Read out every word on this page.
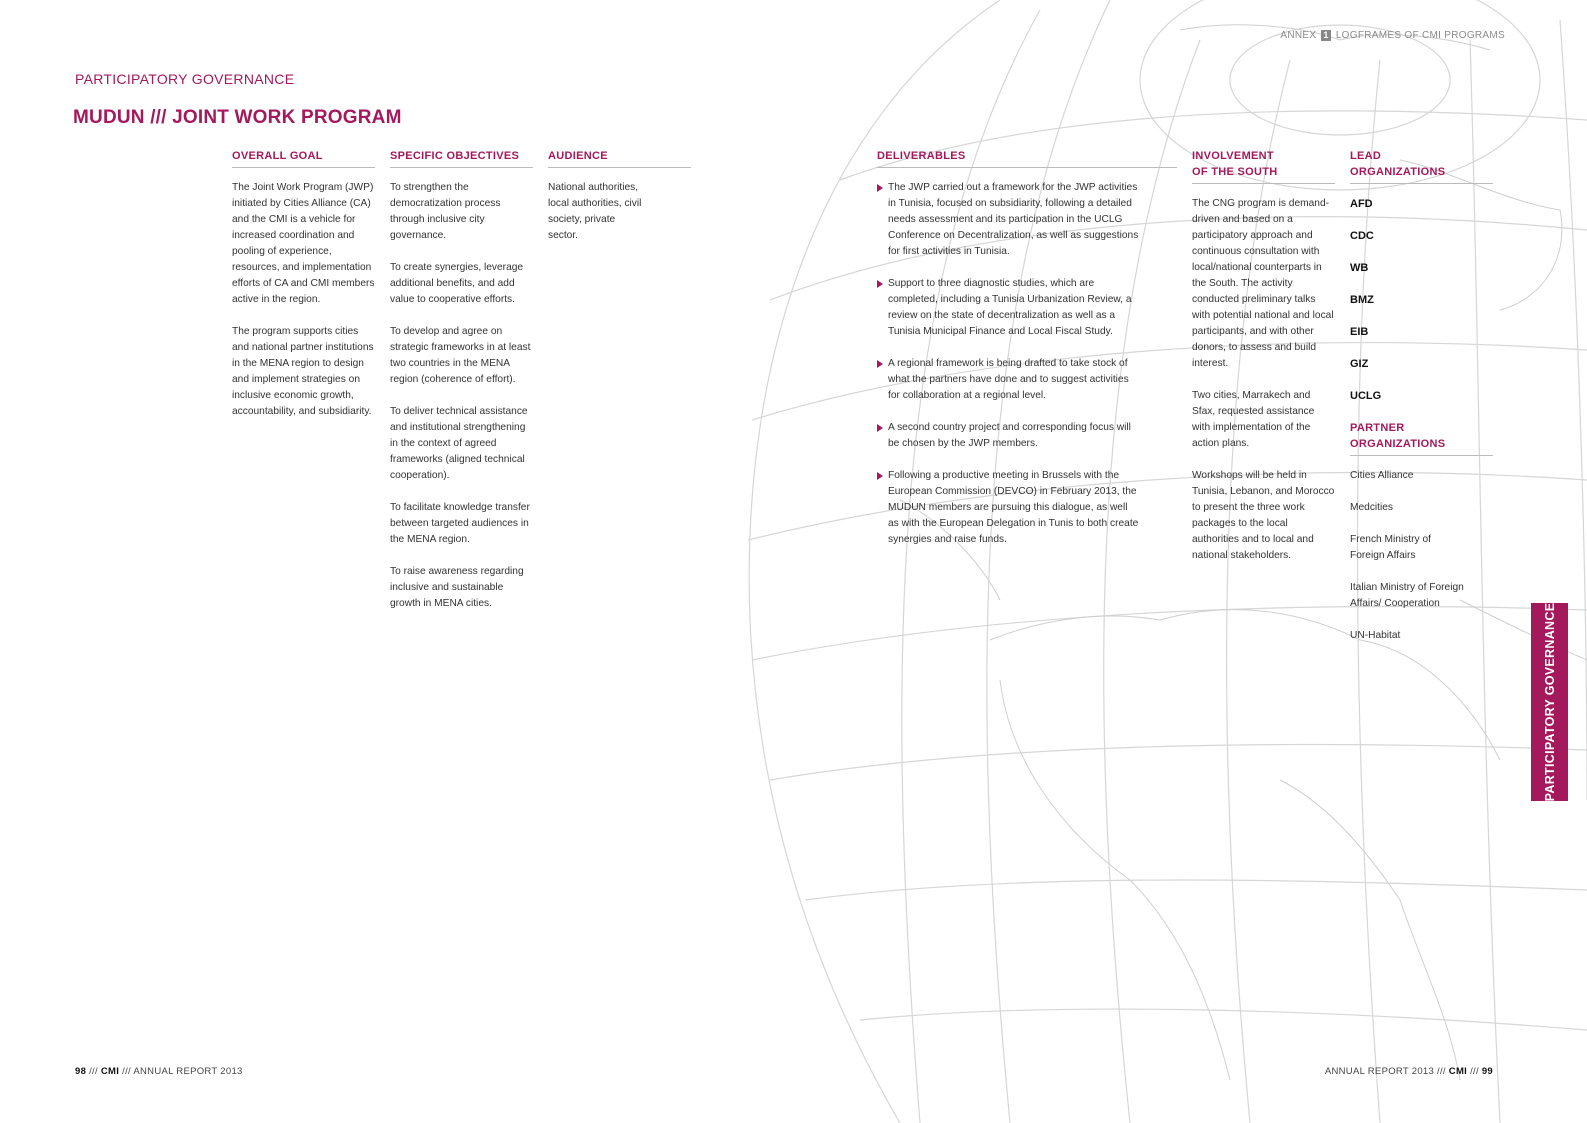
ANNEX 1 LOGFRAMES OF CMI PROGRAMS
PARTICIPATORY GOVERNANCE
MUDUN /// JOINT WORK PROGRAM
OVERALL GOAL

The Joint Work Program (JWP) initiated by Cities Alliance (CA) and the CMI is a vehicle for increased coordination and pooling of experience, resources, and implementation efforts of CA and CMI members active in the region.

The program supports cities and national partner institutions in the MENA region to design and implement strategies on inclusive economic growth, accountability, and subsidiarity.

SPECIFIC OBJECTIVES

To strengthen the democratization process through inclusive city governance.

To create synergies, leverage additional benefits, and add value to cooperative efforts.

To develop and agree on strategic frameworks in at least two countries in the MENA region (coherence of effort).

To deliver technical assistance and institutional strengthening in the context of agreed frameworks (aligned technical cooperation).

To facilitate knowledge transfer between targeted audiences in the MENA region.

To raise awareness regarding inclusive and sustainable growth in MENA cities.

AUDIENCE

National authorities, local authorities, civil society, private sector.

DELIVERABLES
The JWP carried out a framework for the JWP activities in Tunisia, focused on subsidiarity, following a detailed needs assessment and its participation in the UCLG Conference on Decentralization, as well as suggestions for first activities in Tunisia.
Support to three diagnostic studies, which are completed, including a Tunisia Urbanization Review, a review on the state of decentralization as well as a Tunisia Municipal Finance and Local Fiscal Study.
A regional framework is being drafted to take stock of what the partners have done and to suggest activities for collaboration at a regional level.
A second country project and corresponding focus will be chosen by the JWP members.
Following a productive meeting in Brussels with the European Commission (DEVCO) in February 2013, the MUDUN members are pursuing this dialogue, as well as with the European Delegation in Tunis to both create synergies and raise funds.
INVOLVEMENT
OF THE SOUTH

The CNG program is demand-driven and based on a participatory approach and continuous consultation with local/national counterparts in the South. The activity conducted preliminary talks with potential national and local participants, and with other donors, to assess and build interest.

Two cities, Marrakech and Sfax, requested assistance with implementation of the action plans.

Workshops will be held in Tunisia, Lebanon, and Morocco to present the three work packages to the local authorities and to local and national stakeholders.

LEAD
ORGANIZATIONS
AFD
CDC
WB
BMZ
EIB
GIZ
UCLG
PARTNER
ORGANIZATIONS
Cities Alliance
Medcities
French Ministry of Foreign Affairs
Italian Ministry of Foreign Affairs/ Cooperation
UN-Habitat	PARTICIPATORY GOVERNANCE
98 /// CMI /// ANNUAL REPORT 2013	ANNUAL REPORT 2013 /// CMI /// 99
